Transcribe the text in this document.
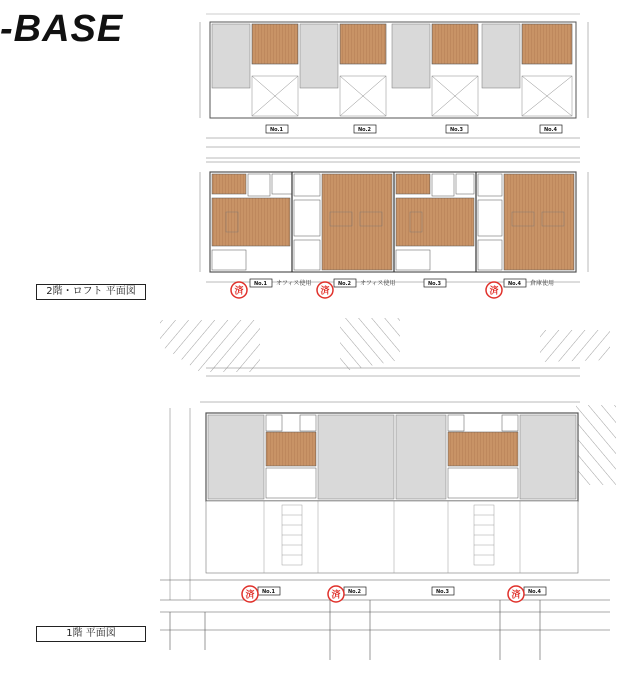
-BASE
No.1	No.2	No.3	No.4
No.1 オフィス使用	No.2 オフィス使用	No.3	No.4 倉庫使用
済	済	済
No.1	No.2	No.3	No.4
済	済	済
2階・ロフト 平面図
1階 平面図
